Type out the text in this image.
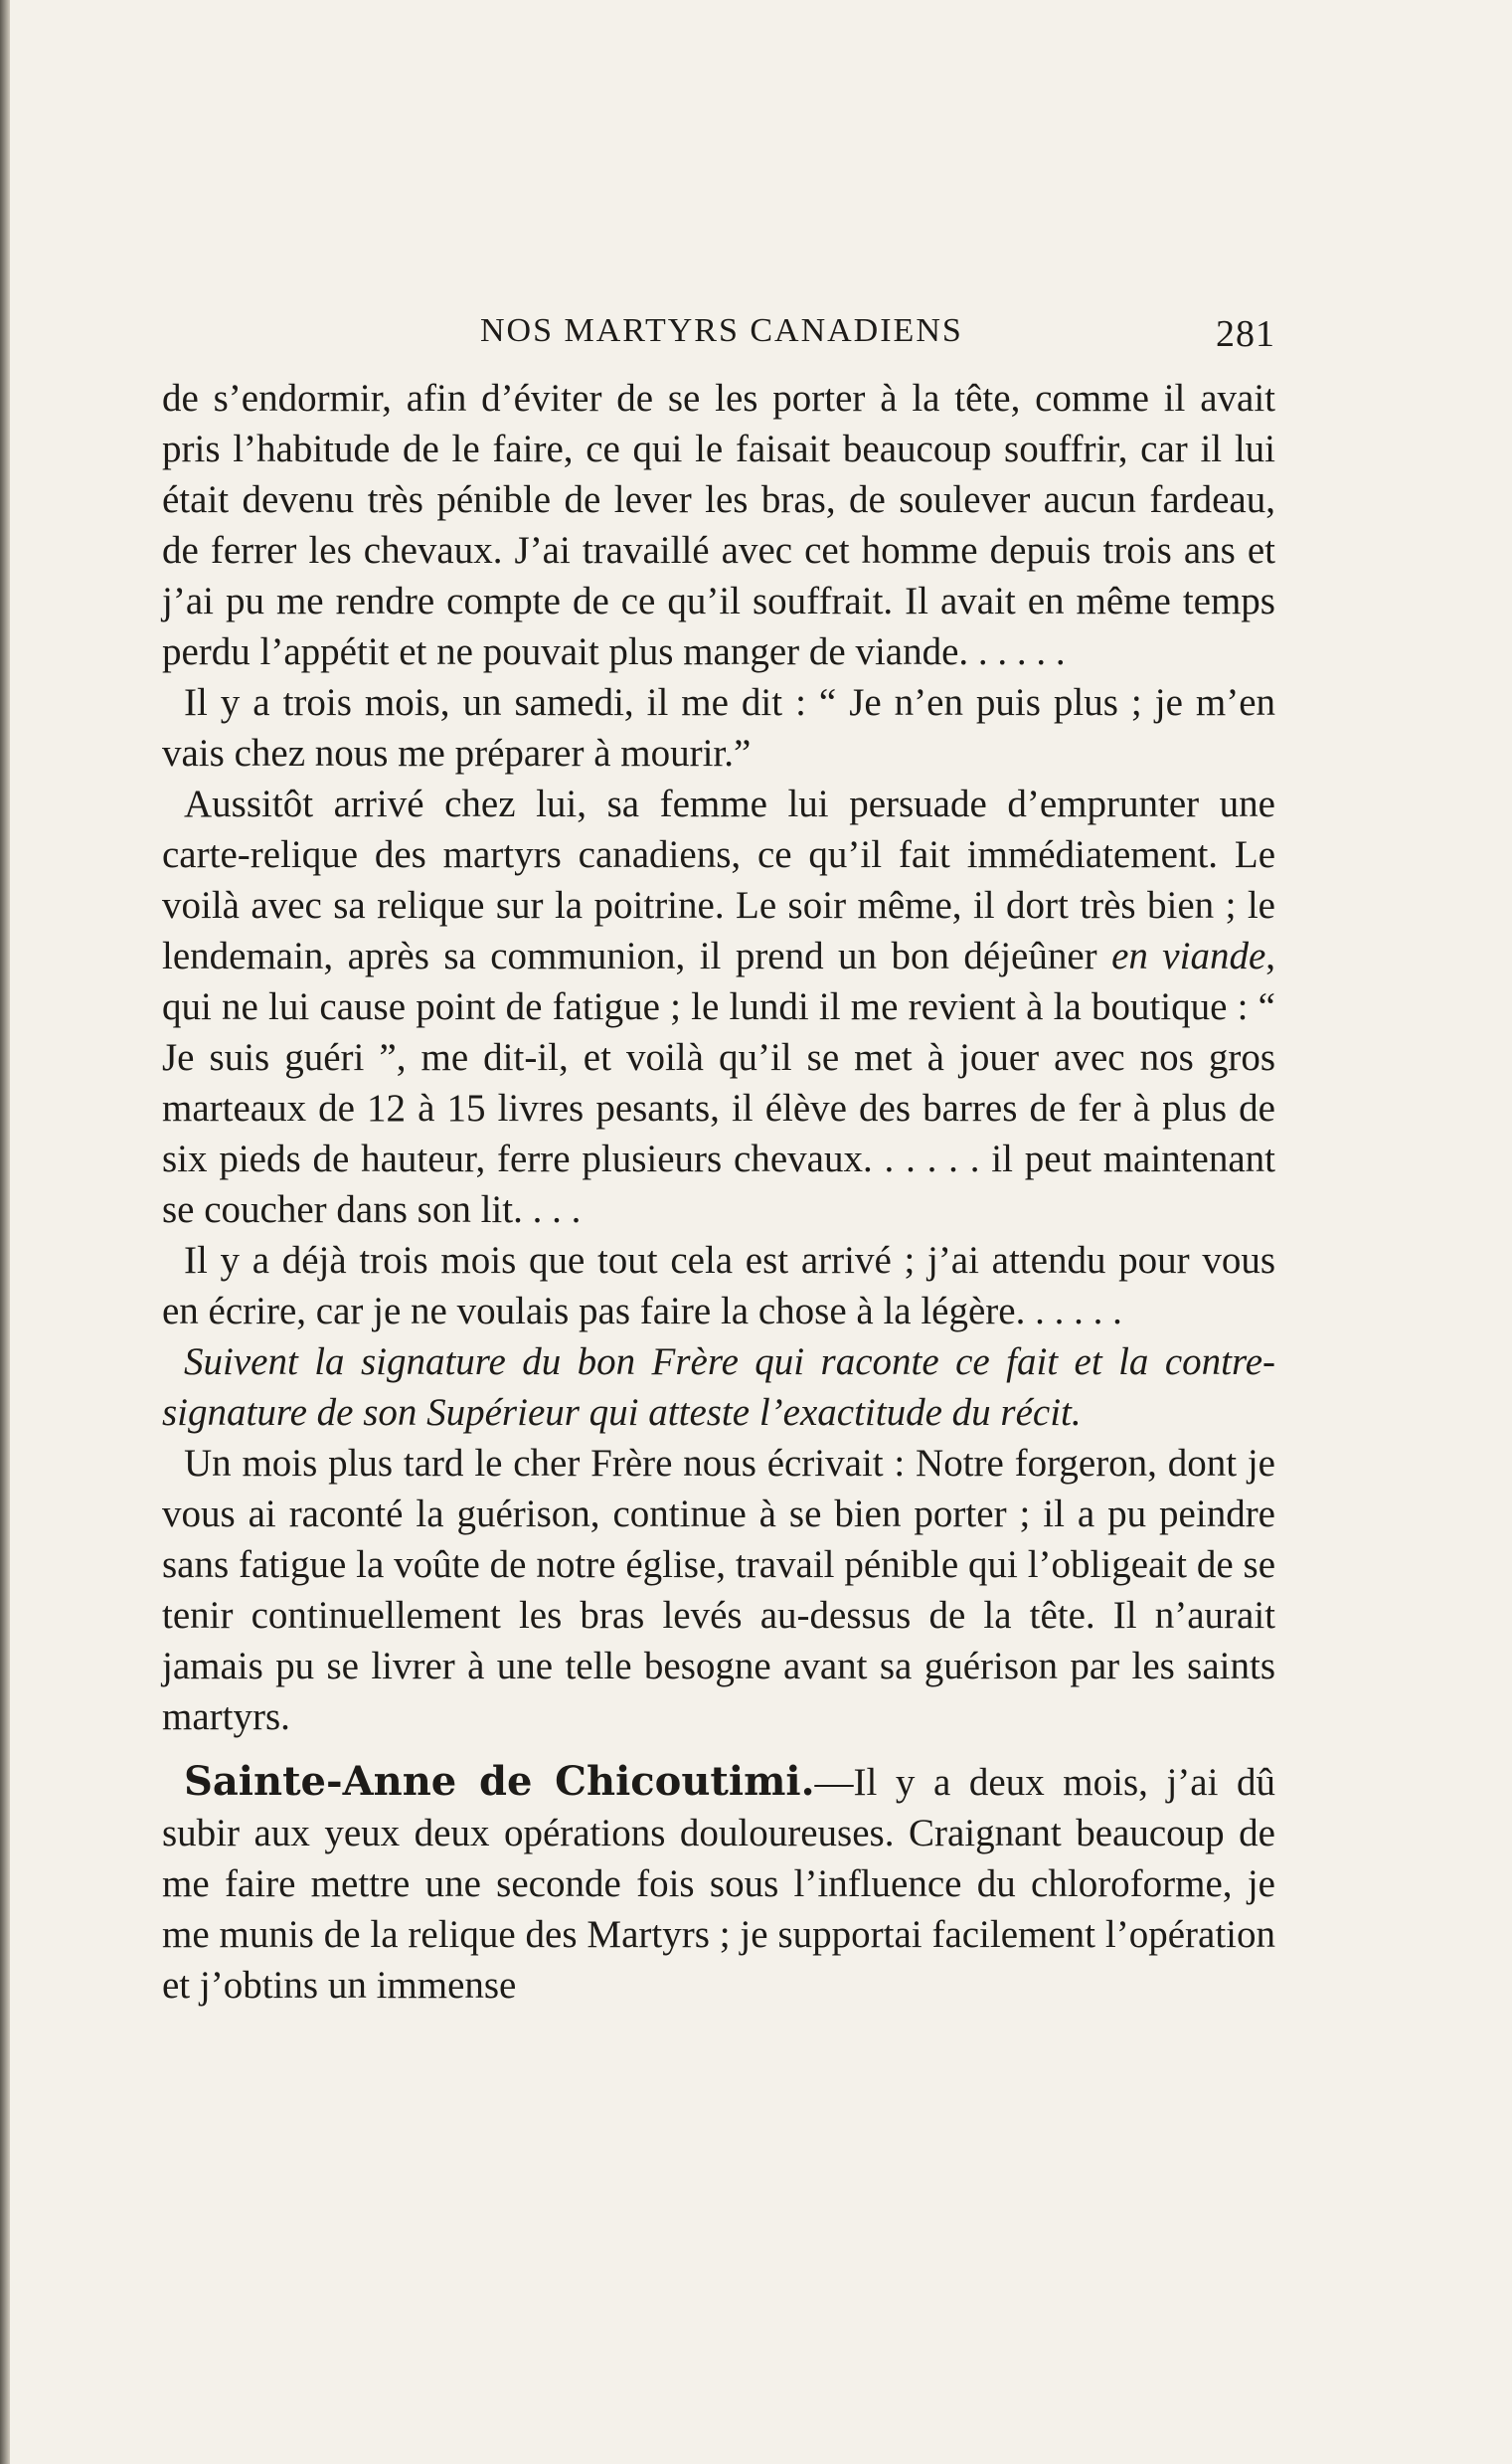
NOS MARTYRS CANADIENS	281

de s’endormir, afin d’éviter de se les porter à la tête, comme il avait pris l’habitude de le faire, ce qui le faisait beaucoup souffrir, car il lui était devenu très pénible de lever les bras, de soulever aucun fardeau, de ferrer les chevaux. J’ai travaillé avec cet homme depuis trois ans et j’ai pu me rendre compte de ce qu’il souffrait. Il avait en même temps perdu l’appétit et ne pouvait plus manger de viande. . . . . .

Il y a trois mois, un samedi, il me dit : “ Je n’en puis plus ; je m’en vais chez nous me préparer à mourir.”

Aussitôt arrivé chez lui, sa femme lui persuade d’emprunter une carte-relique des martyrs canadiens, ce qu’il fait immédiatement. Le voilà avec sa relique sur la poitrine. Le soir même, il dort très bien ; le lendemain, après sa communion, il prend un bon déjeûner en viande, qui ne lui cause point de fatigue ; le lundi il me revient à la boutique : “ Je suis guéri ”, me dit-il, et voilà qu’il se met à jouer avec nos gros marteaux de 12 à 15 livres pesants, il élève des barres de fer à plus de six pieds de hauteur, ferre plusieurs chevaux. . . . . . il peut maintenant se coucher dans son lit. . . .

Il y a déjà trois mois que tout cela est arrivé ; j’ai attendu pour vous en écrire, car je ne voulais pas faire la chose à la légère. . . . . .

Suivent la signature du bon Frère qui raconte ce fait et la contre-signature de son Supérieur qui atteste l’exactitude du récit.

Un mois plus tard le cher Frère nous écrivait : Notre forgeron, dont je vous ai raconté la guérison, continue à se bien porter ; il a pu peindre sans fatigue la voûte de notre église, travail pénible qui l’obligeait de se tenir continuellement les bras levés au-dessus de la tête. Il n’aurait jamais pu se livrer à une telle besogne avant sa guérison par les saints martyrs.

Sainte-Anne de Chicoutimi.—Il y a deux mois, j’ai dû subir aux yeux deux opérations douloureuses. Craignant beaucoup de me faire mettre une seconde fois sous l’influence du chloroforme, je me munis de la relique des Martyrs ; je supportai facilement l’opération et j’obtins un immense
